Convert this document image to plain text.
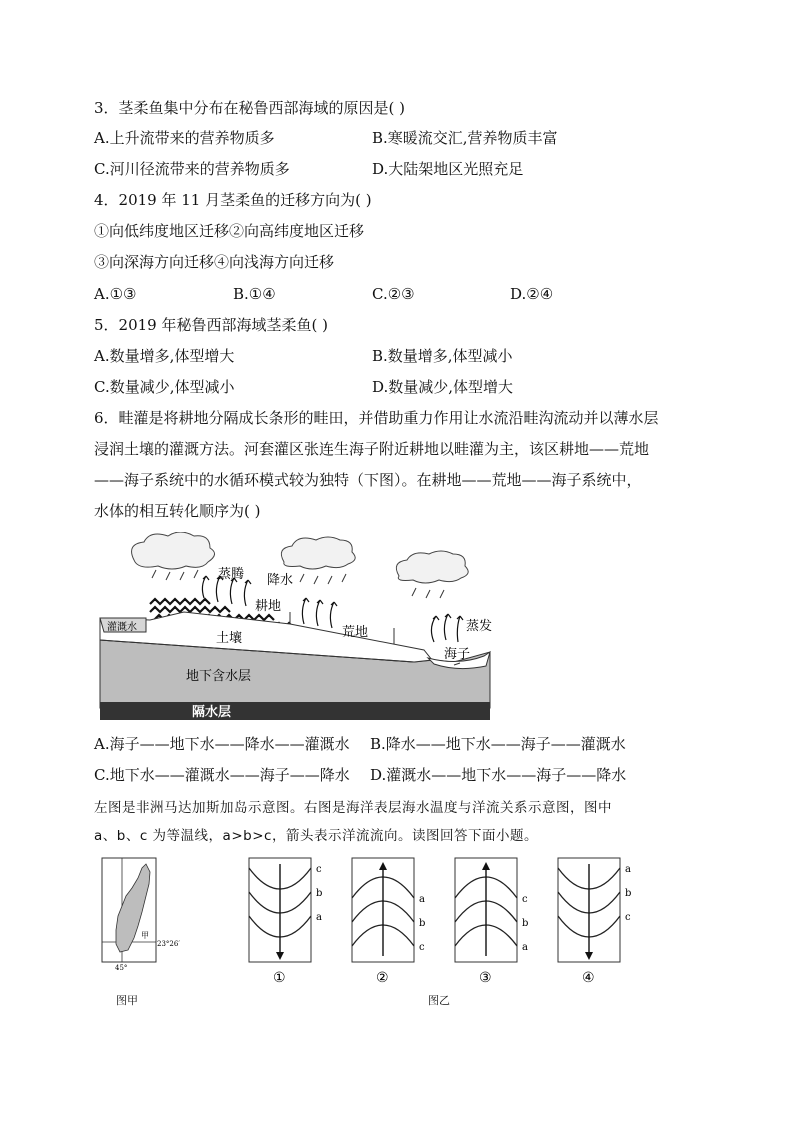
3．茎柔鱼集中分布在秘鲁西部海域的原因是( )
A.上升流带来的营养物质多	B.寒暖流交汇,营养物质丰富
C.河川径流带来的营养物质多	D.大陆架地区光照充足
4．2019 年 11 月茎柔鱼的迁移方向为( )
①向低纬度地区迁移②向高纬度地区迁移
③向深海方向迁移④向浅海方向迁移
A.①③	B.①④	C.②③	D.②④
5．2019 年秘鲁西部海域茎柔鱼( )
A.数量增多,体型增大	B.数量增多,体型减小
C.数量减少,体型减小	D.数量减少,体型增大
6．畦灌是将耕地分隔成长条形的畦田，并借助重力作用让水流沿畦沟流动并以薄水层
浸润土壤的灌溉方法。河套灌区张连生海子附近耕地以畦灌为主，该区耕地——荒地
——海子系统中的水循环模式较为独特（下图）。在耕地——荒地——海子系统中，
水体的相互转化顺序为( )
蒸腾 降水
耕地
荒地	蒸发
灌溉水
土壤
海子
地下含水层
隔水层
A.海子——地下水——降水——灌溉水 B.降水——地下水——海子——灌溉水
C.地下水——灌溉水——海子——降水 D.灌溉水——地下水——海子——降水
左图是非洲马达加斯加岛示意图。右图是海洋表层海水温度与洋流关系示意图，图中
a、b、c 为等温线，a>b>c，箭头表示洋流流向。读图回答下面小题。
甲
23°26′
45°
图甲
c
b
a
①
a
b
c
②
c
b
a
③
a
b
c
④
图乙
